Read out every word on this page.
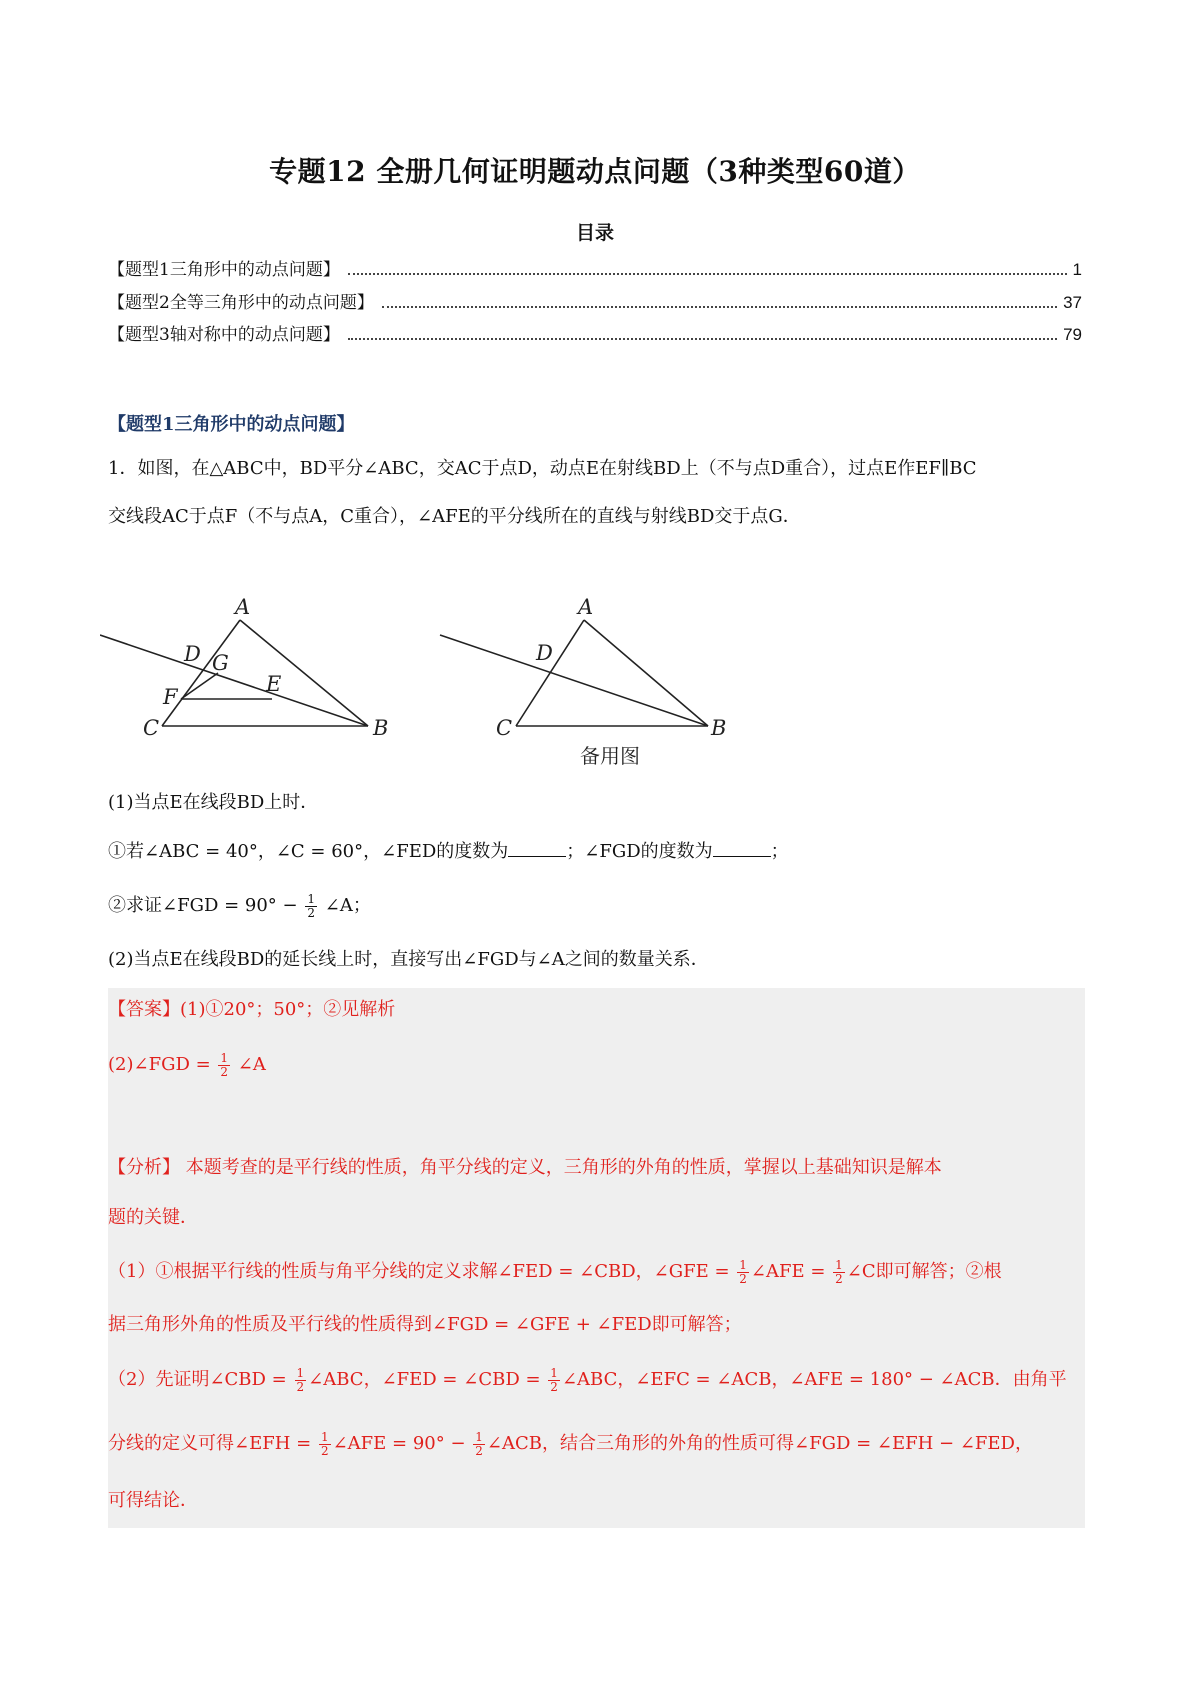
专题12 全册几何证明题动点问题（3种类型60道）
目录
【题型1三角形中的动点问题】	1
【题型2全等三角形中的动点问题】	37
【题型3轴对称中的动点问题】	79
【题型1三角形中的动点问题】
1．如图，在△ABC中，BD平分∠ABC，交AC于点D，动点E在射线BD上（不与点D重合），过点E作EF∥BC
交线段AC于点F（不与点A，C重合），∠AFE的平分线所在的直线与射线BD交于点G．
A
B
C
D G
E
F
A
B
C
D
备用图
(1)当点E在线段BD上时．
①若∠ABC = 40°，∠C = 60°，∠FED的度数为	；∠FGD的度数为	；
②求证∠FGD = $90^\circ - \frac{1}{2}$ ∠A；
(2)当点E在线段BD的延长线上时，直接写出∠FGD与∠A之间的数量关系．
【答案】(1)①20°；50°；②见解析
(2)∠FGD = $\frac{1}{2}$ ∠A
【分析】 本题考查的是平行线的性质，角平分线的定义，三角形的外角的性质，掌握以上基础知识是解本
题的关键．
（1）①根据平行线的性质与角平分线的定义求解∠FED = ∠CBD，∠GFE = $\frac{1}{2}$ ∠AFE = $\frac{1}{2}$ ∠C即可解答；②根
据三角形外角的性质及平行线的性质得到∠FGD = ∠GFE + ∠FED即可解答；
（2）先证明∠CBD = $\frac{1}{2}$ ∠ABC，∠FED = ∠CBD = $\frac{1}{2}$ ∠ABC，∠EFC = ∠ACB，∠AFE = 180° − ∠ACB．由角平
分线的定义可得∠EFH = $\frac{1}{2}$ ∠AFE = $90^\circ - \frac{1}{2}$ ∠ACB，结合三角形的外角的性质可得∠FGD = ∠EFH − ∠FED，
可得结论．
